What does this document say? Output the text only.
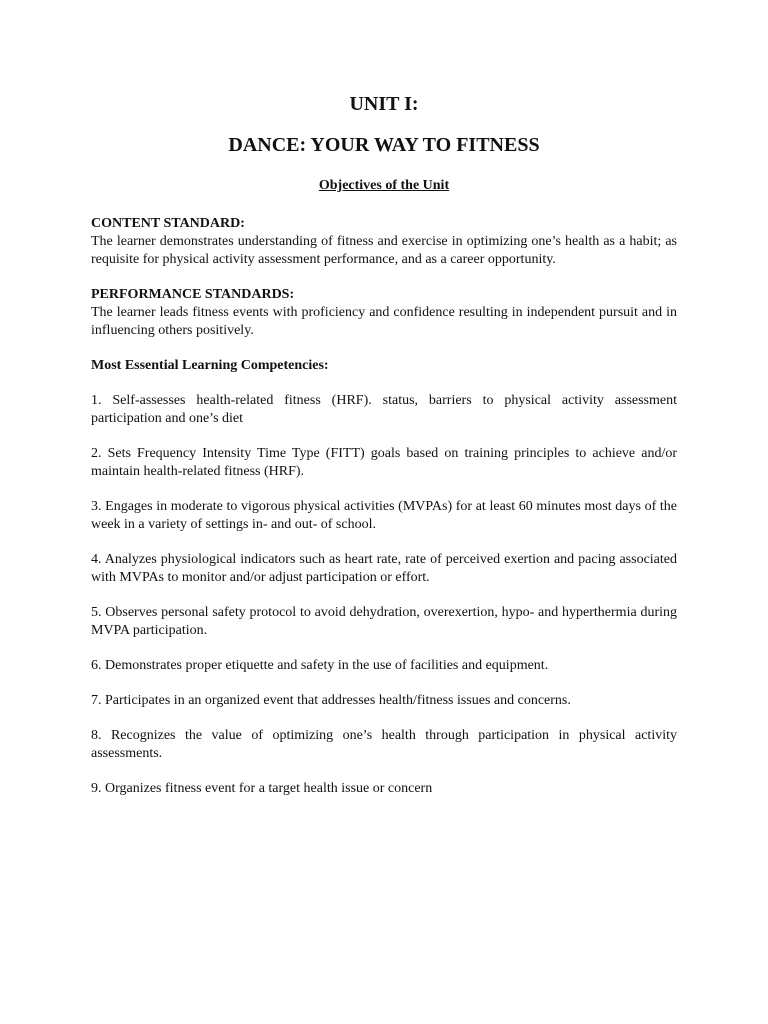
UNIT I:
DANCE: YOUR WAY TO FITNESS
Objectives of the Unit
CONTENT STANDARD:

The learner demonstrates understanding of fitness and exercise in optimizing one’s health as a habit; as requisite for physical activity assessment performance, and as a career opportunity.

PERFORMANCE STANDARDS:

The learner leads fitness events with proficiency and confidence resulting in independent pursuit and in influencing others positively.

Most Essential Learning Competencies:

1. Self-assesses health-related fitness (HRF). status, barriers to physical activity assessment participation and one’s diet

2. Sets Frequency Intensity Time Type (FITT) goals based on training principles to achieve and/or maintain health-related fitness (HRF).

3. Engages in moderate to vigorous physical activities (MVPAs) for at least 60 minutes most days of the week in a variety of settings in- and out- of school.

4. Analyzes physiological indicators such as heart rate, rate of perceived exertion and pacing associated with MVPAs to monitor and/or adjust participation or effort.

5. Observes personal safety protocol to avoid dehydration, overexertion, hypo- and hyperthermia during MVPA participation.

6. Demonstrates proper etiquette and safety in the use of facilities and equipment.

7. Participates in an organized event that addresses health/fitness issues and concerns.

8. Recognizes the value of optimizing one’s health through participation in physical activity assessments.

9. Organizes fitness event for a target health issue or concern
